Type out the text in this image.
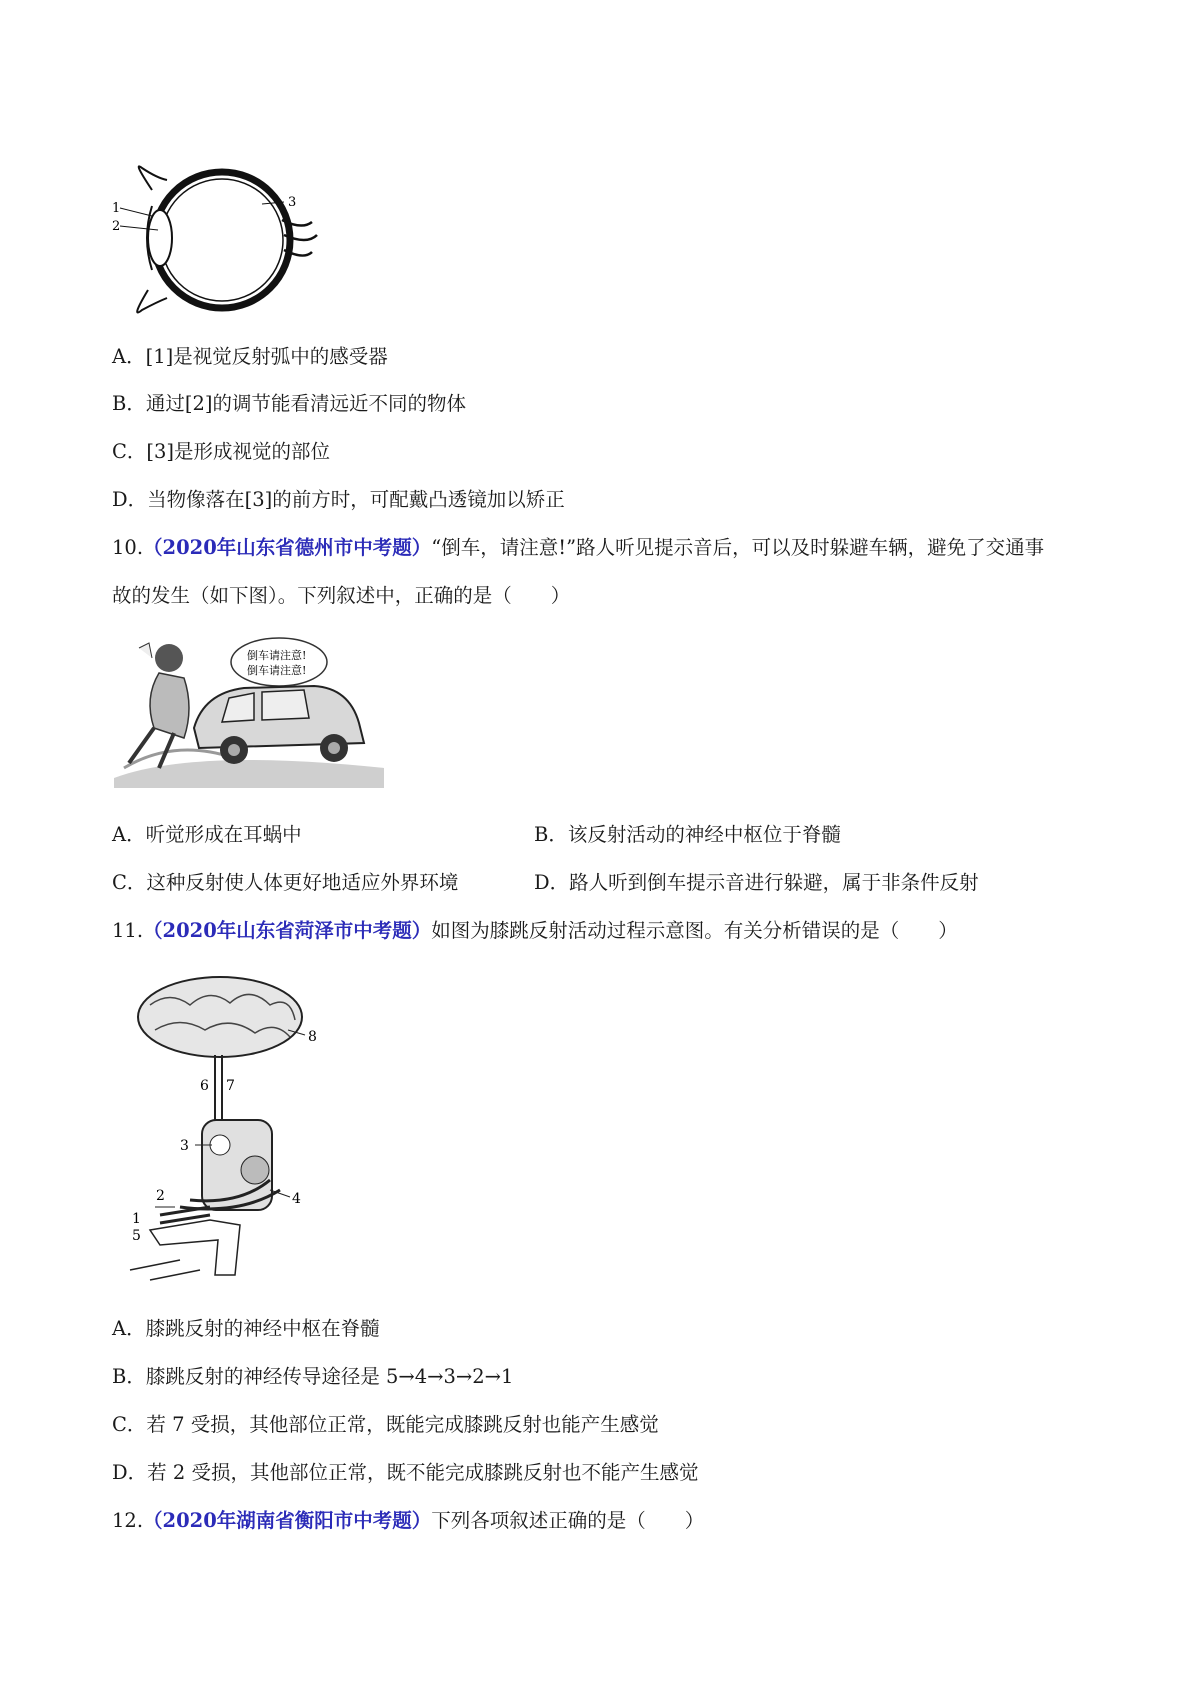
1
2
3
A．[1]是视觉反射弧中的感受器
B．通过[2]的调节能看清远近不同的物体
C．[3]是形成视觉的部位
D．当物像落在[3]的前方时，可配戴凸透镜加以矫正
10.（2020年山东省德州市中考题）“倒车，请注意!”路人听见提示音后，可以及时躲避车辆，避免了交通事
故的发生（如下图）。下列叙述中，正确的是（　　）
倒车请注意!
倒车请注意!
A．听觉形成在耳蜗中	B．该反射活动的神经中枢位于脊髓
C．这种反射使人体更好地适应外界环境	D．路人听到倒车提示音进行躲避，属于非条件反射
11.（2020年山东省菏泽市中考题）如图为膝跳反射活动过程示意图。有关分析错误的是（　　）
8
6 7
3
4
2
1
5
A．膝跳反射的神经中枢在脊髓
B．膝跳反射的神经传导途径是 5→4→3→2→1
C．若 7 受损，其他部位正常，既能完成膝跳反射也能产生感觉
D．若 2 受损，其他部位正常，既不能完成膝跳反射也不能产生感觉
12.（2020年湖南省衡阳市中考题）下列各项叙述正确的是（　　）
